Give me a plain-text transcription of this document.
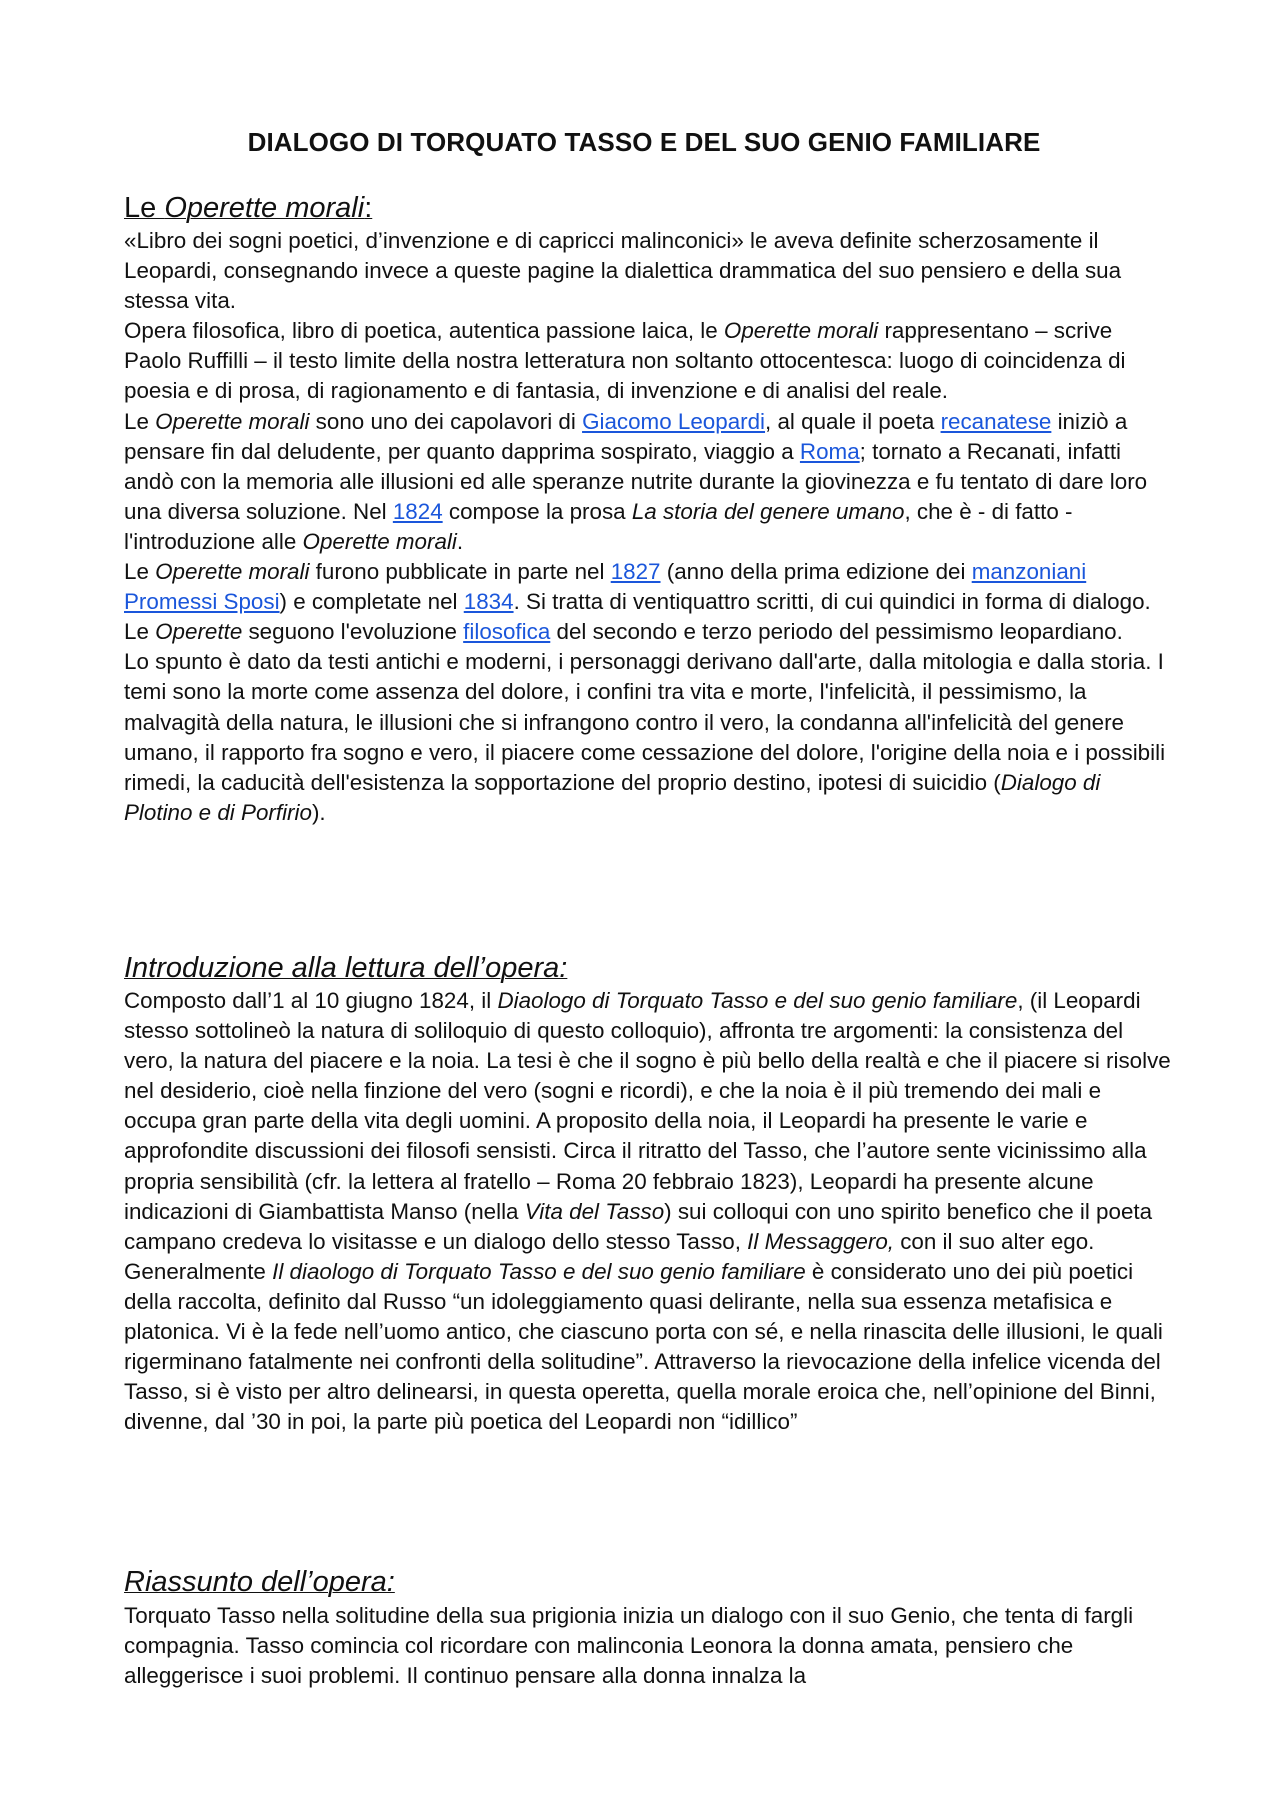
DIALOGO DI TORQUATO TASSO E DEL SUO GENIO FAMILIARE
Le Operette morali:

«Libro dei sogni poetici, d’invenzione e di capricci malinconici» le aveva definite scherzosamente il Leopardi, consegnando invece a queste pagine la dialettica drammatica del suo pensiero e della sua stessa vita.

Opera filosofica, libro di poetica, autentica passione laica, le Operette morali rappresentano – scrive Paolo Ruffilli – il testo limite della nostra letteratura non soltanto ottocentesca: luogo di coincidenza di poesia e di prosa, di ragionamento e di fantasia, di invenzione e di analisi del reale.

Le Operette morali sono uno dei capolavori di Giacomo Leopardi, al quale il poeta recanatese iniziò a pensare fin dal deludente, per quanto dapprima sospirato, viaggio a Roma; tornato a Recanati, infatti andò con la memoria alle illusioni ed alle speranze nutrite durante la giovinezza e fu tentato di dare loro una diversa soluzione. Nel 1824 compose la prosa La storia del genere umano, che è - di fatto - l'introduzione alle Operette morali.

Le Operette morali furono pubblicate in parte nel 1827 (anno della prima edizione dei manzoniani Promessi Sposi) e completate nel 1834. Si tratta di ventiquattro scritti, di cui quindici in forma di dialogo. Le Operette seguono l'evoluzione filosofica del secondo e terzo periodo del pessimismo leopardiano.

Lo spunto è dato da testi antichi e moderni, i personaggi derivano dall'arte, dalla mitologia e dalla storia. I temi sono la morte come assenza del dolore, i confini tra vita e morte, l'infelicità, il pessimismo, la malvagità della natura, le illusioni che si infrangono contro il vero, la condanna all'infelicità del genere umano, il rapporto fra sogno e vero, il piacere come cessazione del dolore, l'origine della noia e i possibili rimedi, la caducità dell'esistenza la sopportazione del proprio destino, ipotesi di suicidio (Dialogo di Plotino e di Porfirio).

Introduzione alla lettura dell’opera:

Composto dall’1 al 10 giugno 1824, il Diaologo di Torquato Tasso e del suo genio familiare, (il Leopardi stesso sottolineò la natura di soliloquio di questo colloquio), affronta tre argomenti: la consistenza del vero, la natura del piacere e la noia. La tesi è che il sogno è più bello della realtà e che il piacere si risolve nel desiderio, cioè nella finzione del vero (sogni e ricordi), e che la noia è il più tremendo dei mali e occupa gran parte della vita degli uomini. A proposito della noia, il Leopardi ha presente le varie e approfondite discussioni dei filosofi sensisti. Circa il ritratto del Tasso, che l’autore sente vicinissimo alla propria sensibilità (cfr. la lettera al fratello – Roma 20 febbraio 1823), Leopardi ha presente alcune indicazioni di Giambattista Manso (nella Vita del Tasso) sui colloqui con uno spirito benefico che il poeta campano credeva lo visitasse e un dialogo dello stesso Tasso, Il Messaggero, con il suo alter ego.

Generalmente Il diaologo di Torquato Tasso e del suo genio familiare è considerato uno dei più poetici della raccolta, definito dal Russo “un idoleggiamento quasi delirante, nella sua essenza metafisica e platonica. Vi è la fede nell’uomo antico, che ciascuno porta con sé, e nella rinascita delle illusioni, le quali rigerminano fatalmente nei confronti della solitudine”. Attraverso la rievocazione della infelice vicenda del Tasso, si è visto per altro delinearsi, in questa operetta, quella morale eroica che, nell’opinione del Binni, divenne, dal ’30 in poi, la parte più poetica del Leopardi non “idillico”

Riassunto dell’opera:

Torquato Tasso nella solitudine della sua prigionia inizia un dialogo con il suo Genio, che tenta di fargli compagnia. Tasso comincia col ricordare con malinconia Leonora la donna amata, pensiero che alleggerisce i suoi problemi. Il continuo pensare alla donna innalza la
